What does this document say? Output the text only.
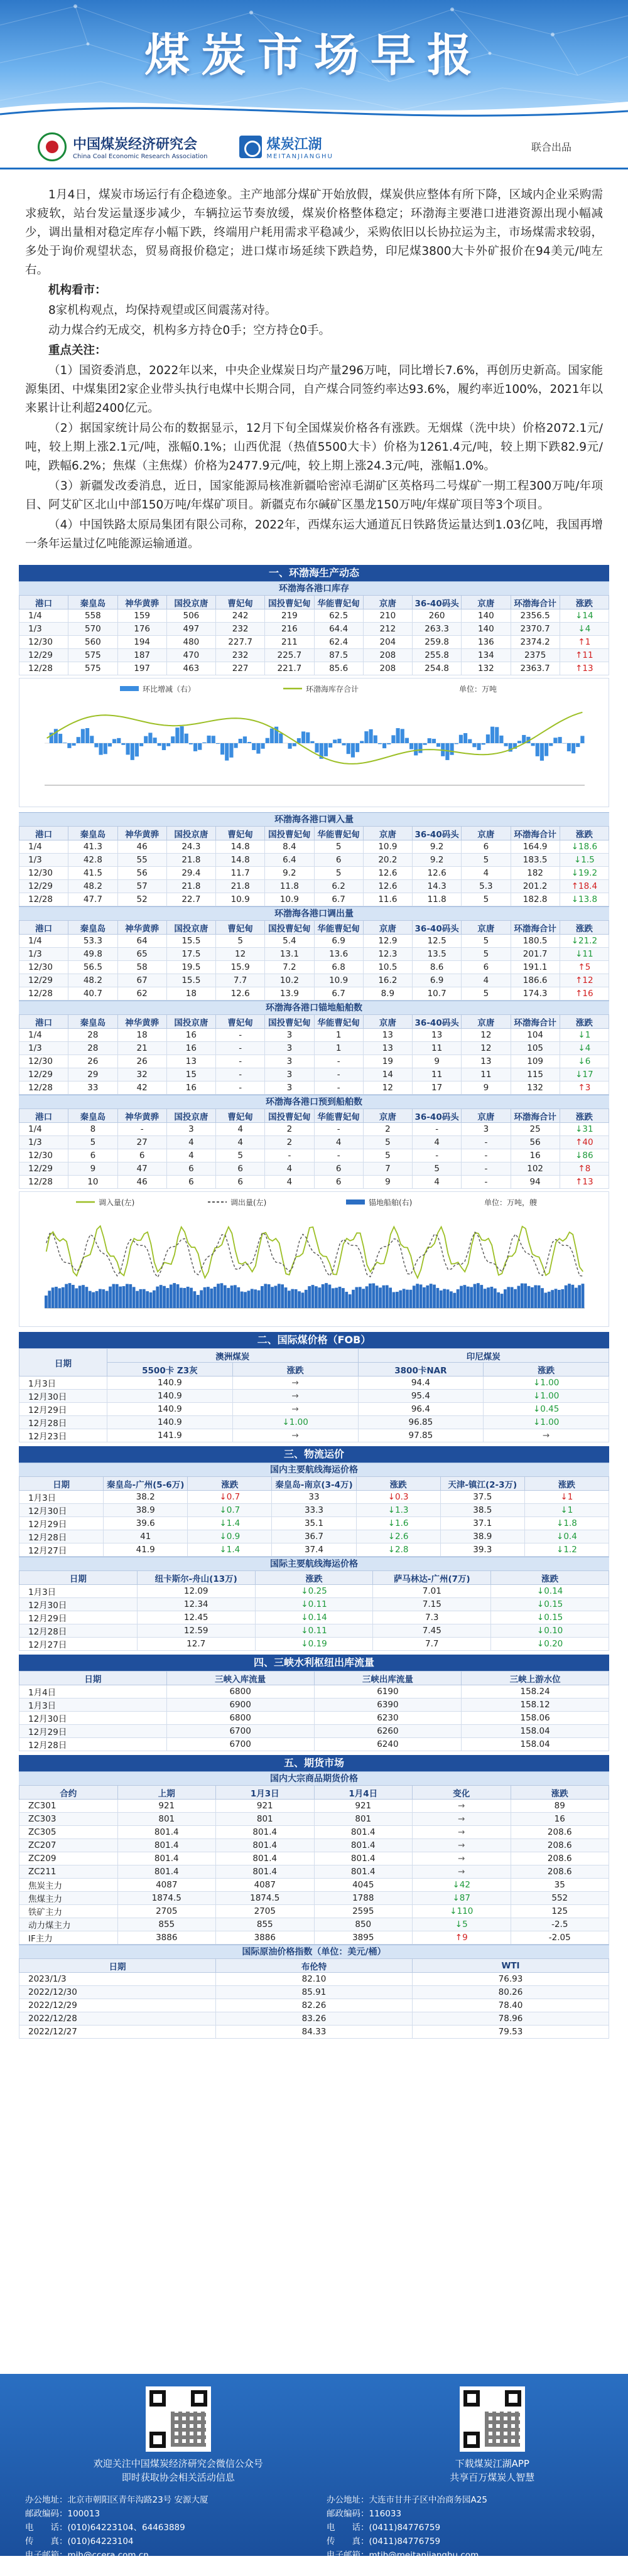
煤炭市场早报
中国煤炭经济研究会
China Coal Economic Research Association
煤炭江湖
MEITANJIANGHU
联合出品

1月4日，煤炭市场运行有企稳迹象。主产地部分煤矿开始放假，煤炭供应整体有所下降，区域内企业采购需求疲软，站台发运量逐步减少，车辆拉运节奏放缓，煤炭价格整体稳定；环渤海主要港口进港资源出现小幅减少，调出量相对稳定库存小幅下跌，终端用户耗用需求平稳减少，采购依旧以长协拉运为主，市场煤需求较弱，多处于询价观望状态，贸易商报价稳定；进口煤市场延续下跌趋势，印尼煤3800大卡外矿报价在94美元/吨左右。

机构看市：

8家机构观点，均保持观望或区间震荡对待。

动力煤合约无成交，机构多方持仓0手；空方持仓0手。

重点关注：

（1）国资委消息，2022年以来，中央企业煤炭日均产量296万吨，同比增长7.6%，再创历史新高。国家能源集团、中煤集团2家企业带头执行电煤中长期合同，自产煤合同签约率达93.6%，履约率近100%，2021年以来累计让利超2400亿元。

（2）据国家统计局公布的数据显示，12月下旬全国煤炭价格各有涨跌。无烟煤（洗中块）价格2072.1元/吨，较上期上涨2.1元/吨，涨幅0.1%；山西优混（热值5500大卡）价格为1261.4元/吨，较上期下跌82.9元/吨，跌幅6.2%；焦煤（主焦煤）价格为2477.9元/吨，较上期上涨24.3元/吨，涨幅1.0%。

（3）新疆发改委消息，近日，国家能源局核准新疆哈密淖毛湖矿区英格玛二号煤矿一期工程300万吨/年项目、阿艾矿区北山中部150万吨/年煤矿项目。新疆克布尔碱矿区墨龙150万吨/年煤矿项目等3个项目。

（4）中国铁路太原局集团有限公司称，2022年，西煤东运大通道瓦日铁路货运量达到1.03亿吨，我国再增一条年运量过亿吨能源运输通道。

一、环渤海生产动态
环渤海各港口库存
港口	秦皇岛	神华黄骅	国投京唐	曹妃甸	国投曹妃甸	华能曹妃甸	京唐	36-40码头	京唐	环渤海合计	涨跌
1/4	558	159	506	242	219	62.5	210	260	140	2356.5	↓14
1/3	570	176	497	232	216	64.4	212	263.3	140	2370.7	↓4
12/30	560	194	480	227.7	211	62.4	204	259.8	136	2374.2	↑1
12/29	575	187	470	232	225.7	87.5	208	255.8	134	2375	↑11
12/28	575	197	463	227	221.7	85.6	208	254.8	132	2363.7	↑13
环比增减（右）	环渤海库存合计	单位：万吨
环渤海各港口调入量
港口	秦皇岛	神华黄骅	国投京唐	曹妃甸	国投曹妃甸	华能曹妃甸	京唐	36-40码头	京唐	环渤海合计	涨跌
1/4	41.3	46	24.3	14.8	8.4	5	10.9	9.2	6	164.9	↓18.6
1/3	42.8	55	21.8	14.8	6.4	6	20.2	9.2	5	183.5	↓1.5
12/30	41.5	56	29.4	11.7	9.2	5	12.6	12.6	4	182	↓19.2
12/29	48.2	57	21.8	21.8	11.8	6.2	12.6	14.3	5.3	201.2	↑18.4
12/28	47.7	52	22.7	10.9	10.9	6.7	11.6	11.8	5	182.8	↓13.8
环渤海各港口调出量
港口	秦皇岛	神华黄骅	国投京唐	曹妃甸	国投曹妃甸	华能曹妃甸	京唐	36-40码头	京唐	环渤海合计	涨跌
1/4	53.3	64	15.5	5	5.4	6.9	12.9	12.5	5	180.5	↓21.2
1/3	49.8	65	17.5	12	13.1	13.6	12.3	13.5	5	201.7	↓11
12/30	56.5	58	19.5	15.9	7.2	6.8	10.5	8.6	6	191.1	↑5
12/29	48.2	67	15.5	7.7	10.2	10.9	16.2	6.9	4	186.6	↑12
12/28	40.7	62	18	12.6	13.9	6.7	8.9	10.7	5	174.3	↑16
环渤海各港口锚地船舶数
港口	秦皇岛	神华黄骅	国投京唐	曹妃甸	国投曹妃甸	华能曹妃甸	京唐	36-40码头	京唐	环渤海合计	涨跌
1/4	28	18	16	-	3	1	13	13	12	104	↓1
1/3	28	21	16	-	3	1	13	11	12	105	↓4
12/30	26	26	13	-	3	-	19	9	13	109	↓6
12/29	29	32	15	-	3	-	14	11	11	115	↓17
12/28	33	42	16	-	3	-	12	17	9	132	↑3
环渤海各港口预到船舶数
港口	秦皇岛	神华黄骅	国投京唐	曹妃甸	国投曹妃甸	华能曹妃甸	京唐	36-40码头	京唐	环渤海合计	涨跌
1/4	8	-	3	4	2	-	2	-	3	25	↓31
1/3	5	27	4	4	2	4	5	4	-	56	↑40
12/30	6	6	4	5	-	-	5	-	-	16	↓86
12/29	9	47	6	6	4	6	7	5	-	102	↑8
12/28	10	46	6	6	4	6	9	4	-	94	↑13
调入量(左)	调出量(左)	锚地船舶(右)	单位：万吨，艘
二、国际煤价格（FOB）
日期	澳洲煤炭		印尼煤炭	
	5500卡 Z3灰	涨跌	3800卡NAR	涨跌
1月3日	140.9	→	94.4	↓1.00
12月30日	140.9	→	95.4	↓1.00
12月29日	140.9	→	96.4	↓0.45
12月28日	140.9	↓1.00	96.85	↓1.00
12月23日	141.9	→	97.85	→
三、物流运价
国内主要航线海运价格
日期	秦皇岛-广州(5-6万)	涨跌	秦皇岛-南京(3-4万)	涨跌	天津-镇江(2-3万)	涨跌
1月3日	38.2	↓0.7	33	↓0.3	37.5	↓1
12月30日	38.9	↓0.7	33.3	↓1.3	38.5	↓1
12月29日	39.6	↓1.4	35.1	↓1.6	37.1	↓1.8
12月28日	41	↓0.9	36.7	↓2.6	38.9	↓0.4
12月27日	41.9	↓1.4	37.4	↓2.8	39.3	↓1.2
国际主要航线海运价格
日期	纽卡斯尔-舟山(13万)	涨跌	萨马林达-广州(7万)	涨跌
1月3日	12.09	↓0.25	7.01	↓0.14
12月30日	12.34	↓0.11	7.15	↓0.15
12月29日	12.45	↓0.14	7.3	↓0.15
12月28日	12.59	↓0.11	7.45	↓0.10
12月27日	12.7	↓0.19	7.7	↓0.20
四、三峡水利枢纽出库流量
日期	三峡入库流量	三峡出库流量	三峡上游水位
1月4日	6800	6190	158.24
1月3日	6900	6390	158.12
12月30日	6800	6230	158.06
12月29日	6700	6260	158.04
12月28日	6700	6240	158.04
五、期货市场
国内大宗商品期货价格
合约	上期	1月3日	1月4日	变化	涨跌
ZC301	921	921	921	→	89
ZC303	801	801	801	→	16
ZC305	801.4	801.4	801.4	→	208.6
ZC207	801.4	801.4	801.4	→	208.6
ZC209	801.4	801.4	801.4	→	208.6
ZC211	801.4	801.4	801.4	→	208.6
焦炭主力	4087	4087	4045	↓42	35
焦煤主力	1874.5	1874.5	1788	↓87	552
铁矿主力	2705	2705	2595	↓110	125
动力煤主力	855	855	850	↓5	-2.5
IF主力	3886	3886	3895	↑9	-2.05
国际原油价格指数（单位：美元/桶）
日期	布伦特	WTI
2023/1/3	82.10	76.93
2022/12/30	85.91	80.26
2022/12/29	82.26	78.40
2022/12/28	83.26	78.96
2022/12/27	84.33	79.53
欢迎关注中国煤炭经济研究会微信公众号
即时获取协会相关活动信息
下载煤炭江湖APP
共享百万煤炭人智慧
办公地址：北京市朝阳区青年沟路23号 安源大厦
邮政编码：100013
电　　话：(010)64223104、64463889
传　　真：(010)64223104
电子邮箱：mjh@ccera.com.cn
门户网站：www.ccera.com.cn
办公地址：大连市甘井子区中冶商务园A25
邮政编码：116033
电　　话：(0411)84776759
传　　真：(0411)84776759
电子邮箱：mtjh@meitanjianghu.com
门户网站：www.meitanjianghu.com
